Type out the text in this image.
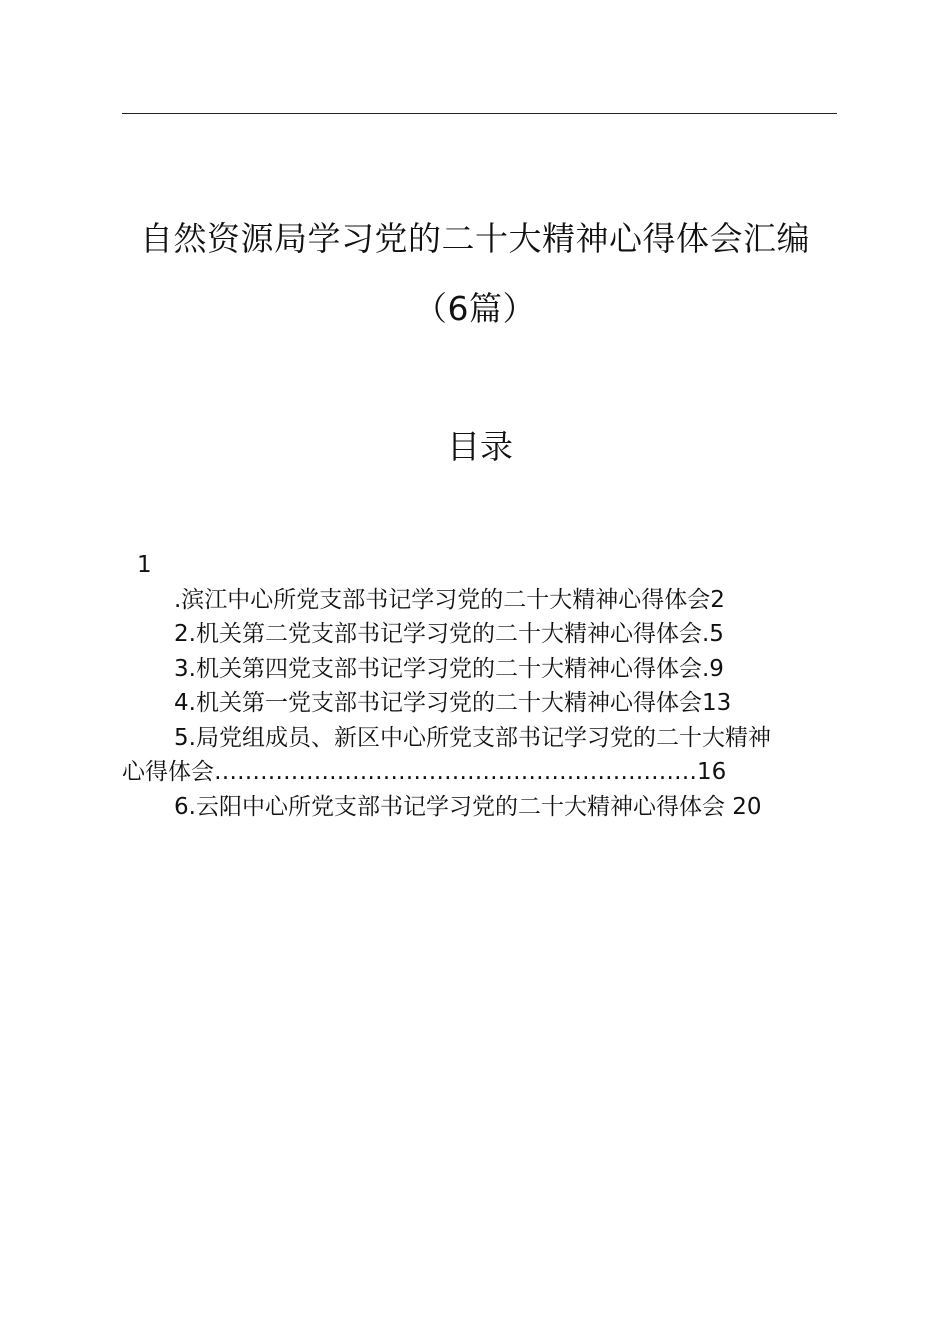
自然资源局学习党的二十大精神心得体会汇编
（6篇）
目录
1
.滨江中心所党支部书记学习党的二十大精神心得体会2
2.机关第二党支部书记学习党的二十大精神心得体会.5
3.机关第四党支部书记学习党的二十大精神心得体会.9
4.机关第一党支部书记学习党的二十大精神心得体会13
5.局党组成员、新区中心所党支部书记学习党的二十大精神
心得体会………………………………………………………16
6.云阳中心所党支部书记学习党的二十大精神心得体会 20
